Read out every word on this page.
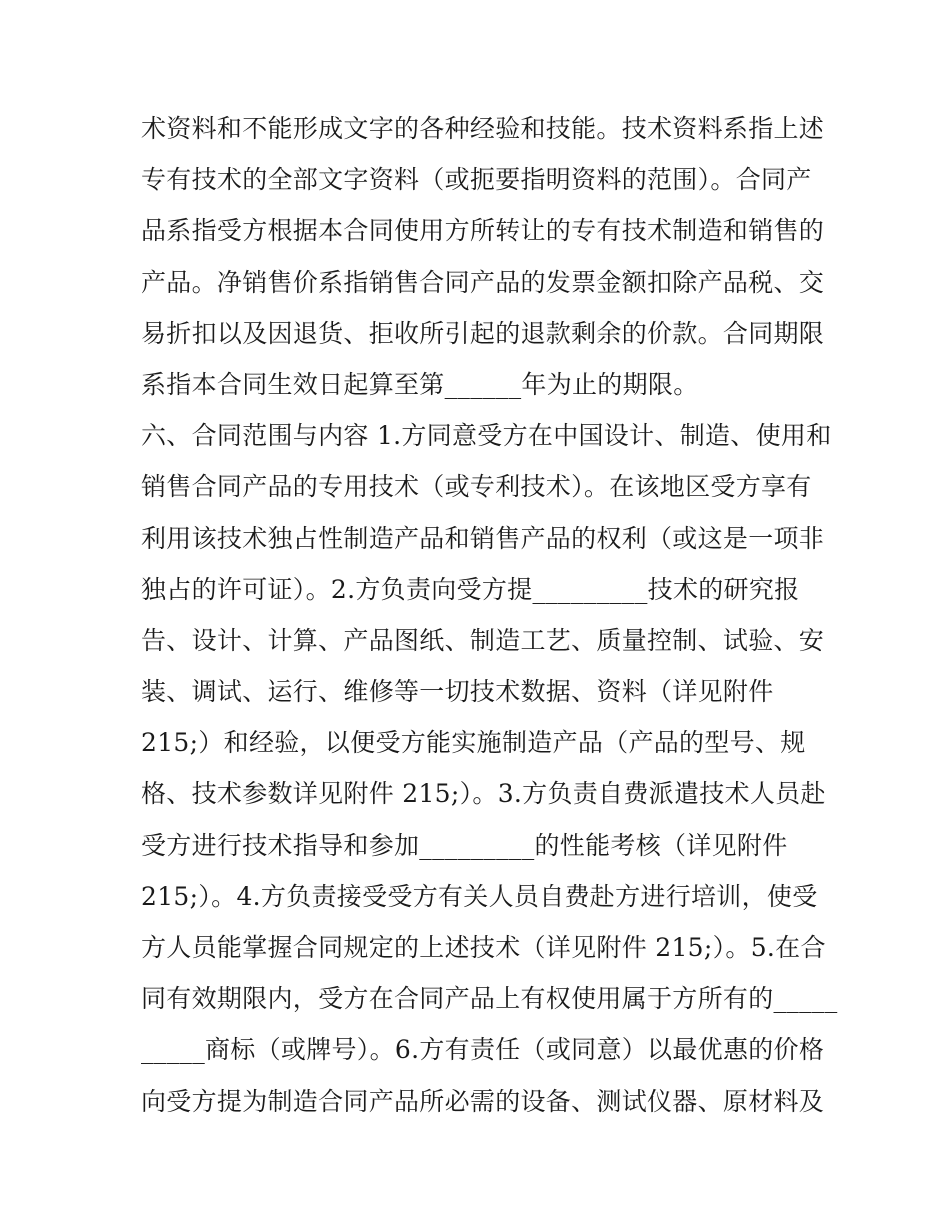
术资料和不能形成文字的各种经验和技能。技术资料系指上述
专有技术的全部文字资料（或扼要指明资料的范围）。合同产
品系指受方根据本合同使用方所转让的专有技术制造和销售的
产品。净销售价系指销售合同产品的发票金额扣除产品税、交
易折扣以及因退货、拒收所引起的退款剩余的价款。合同期限
系指本合同生效日起算至第______年为止的期限。
六、合同范围与内容 1.方同意受方在中国设计、制造、使用和
销售合同产品的专用技术（或专利技术）。在该地区受方享有
利用该技术独占性制造产品和销售产品的权利（或这是一项非
独占的许可证）。2.方负责向受方提_________技术的研究报
告、设计、计算、产品图纸、制造工艺、质量控制、试验、安
装、调试、运行、维修等一切技术数据、资料（详见附件
215;）和经验，以便受方能实施制造产品（产品的型号、规
格、技术参数详见附件 215;）。3.方负责自费派遣技术人员赴
受方进行技术指导和参加_________的性能考核（详见附件
215;）。4.方负责接受受方有关人员自费赴方进行培训，使受
方人员能掌握合同规定的上述技术（详见附件 215;）。5.在合
同有效期限内，受方在合同产品上有权使用属于方所有的_____
_____商标（或牌号）。6.方有责任（或同意）以最优惠的价格
向受方提为制造合同产品所必需的设备、测试仪器、原材料及
